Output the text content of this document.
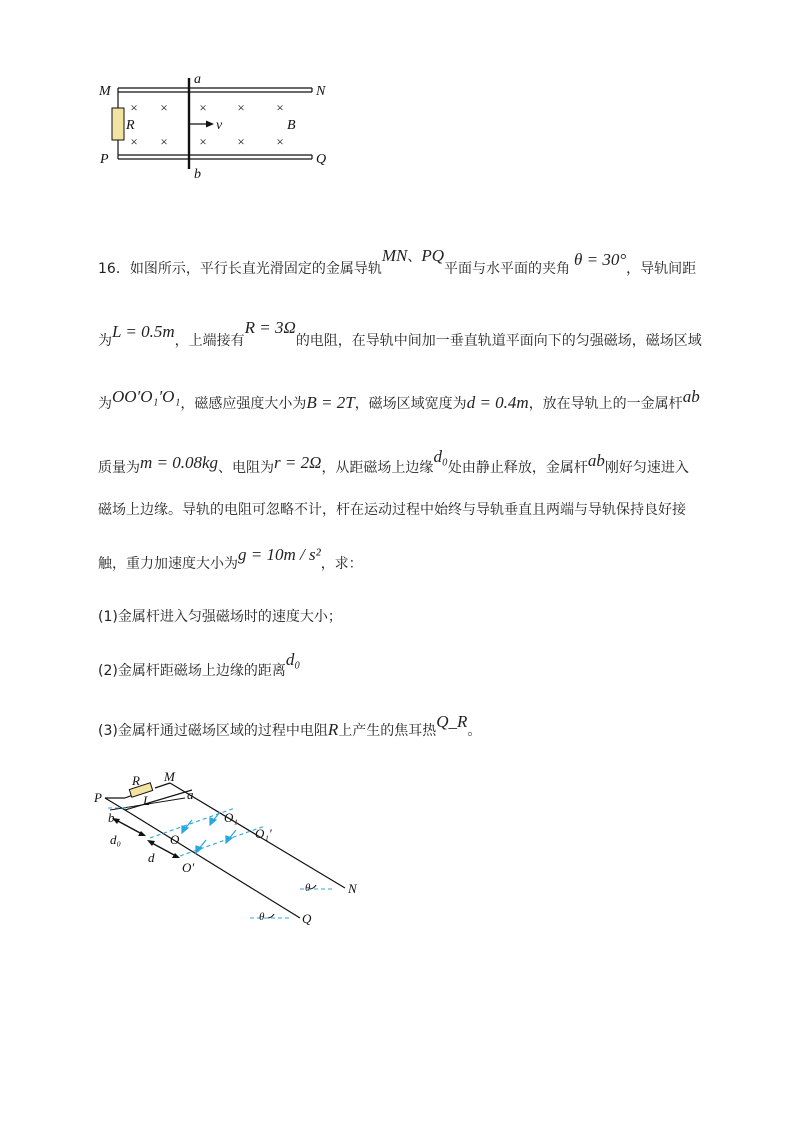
× × × × ×
× × × × ×
M	N
P	Q
a
b
R	v	B
16．如图所示，平行长直光滑固定的金属导轨MN、PQ平面与水平面的夹角 θ = 30°，导轨间距
为L = 0.5m，上端接有R = 3Ω的电阻，在导轨中间加一垂直轨道平面向下的匀强磁场，磁场区域
为OO′O₁′O₁，磁感应强度大小为B = 2T，磁场区域宽度为d = 0.4m，放在导轨上的一金属杆ab
质量为m = 0.08kg、电阻为r = 2Ω，从距磁场上边缘d₀处由静止释放，金属杆ab刚好匀速进入
磁场上边缘。导轨的电阻可忽略不计，杆在运动过程中始终与导轨垂直且两端与导轨保持良好接
触，重力加速度大小为g = 10m / s²，求：
(1)金属杆进入匀强磁场时的速度大小；
(2)金属杆距磁场上边缘的距离d₀
(3)金属杆通过磁场区域的过程中电阻R上产生的焦耳热Q_R。
P
R M
L	a
b	O₁
O₁′
O
O′
d₀
d
θ
θ
N
Q
